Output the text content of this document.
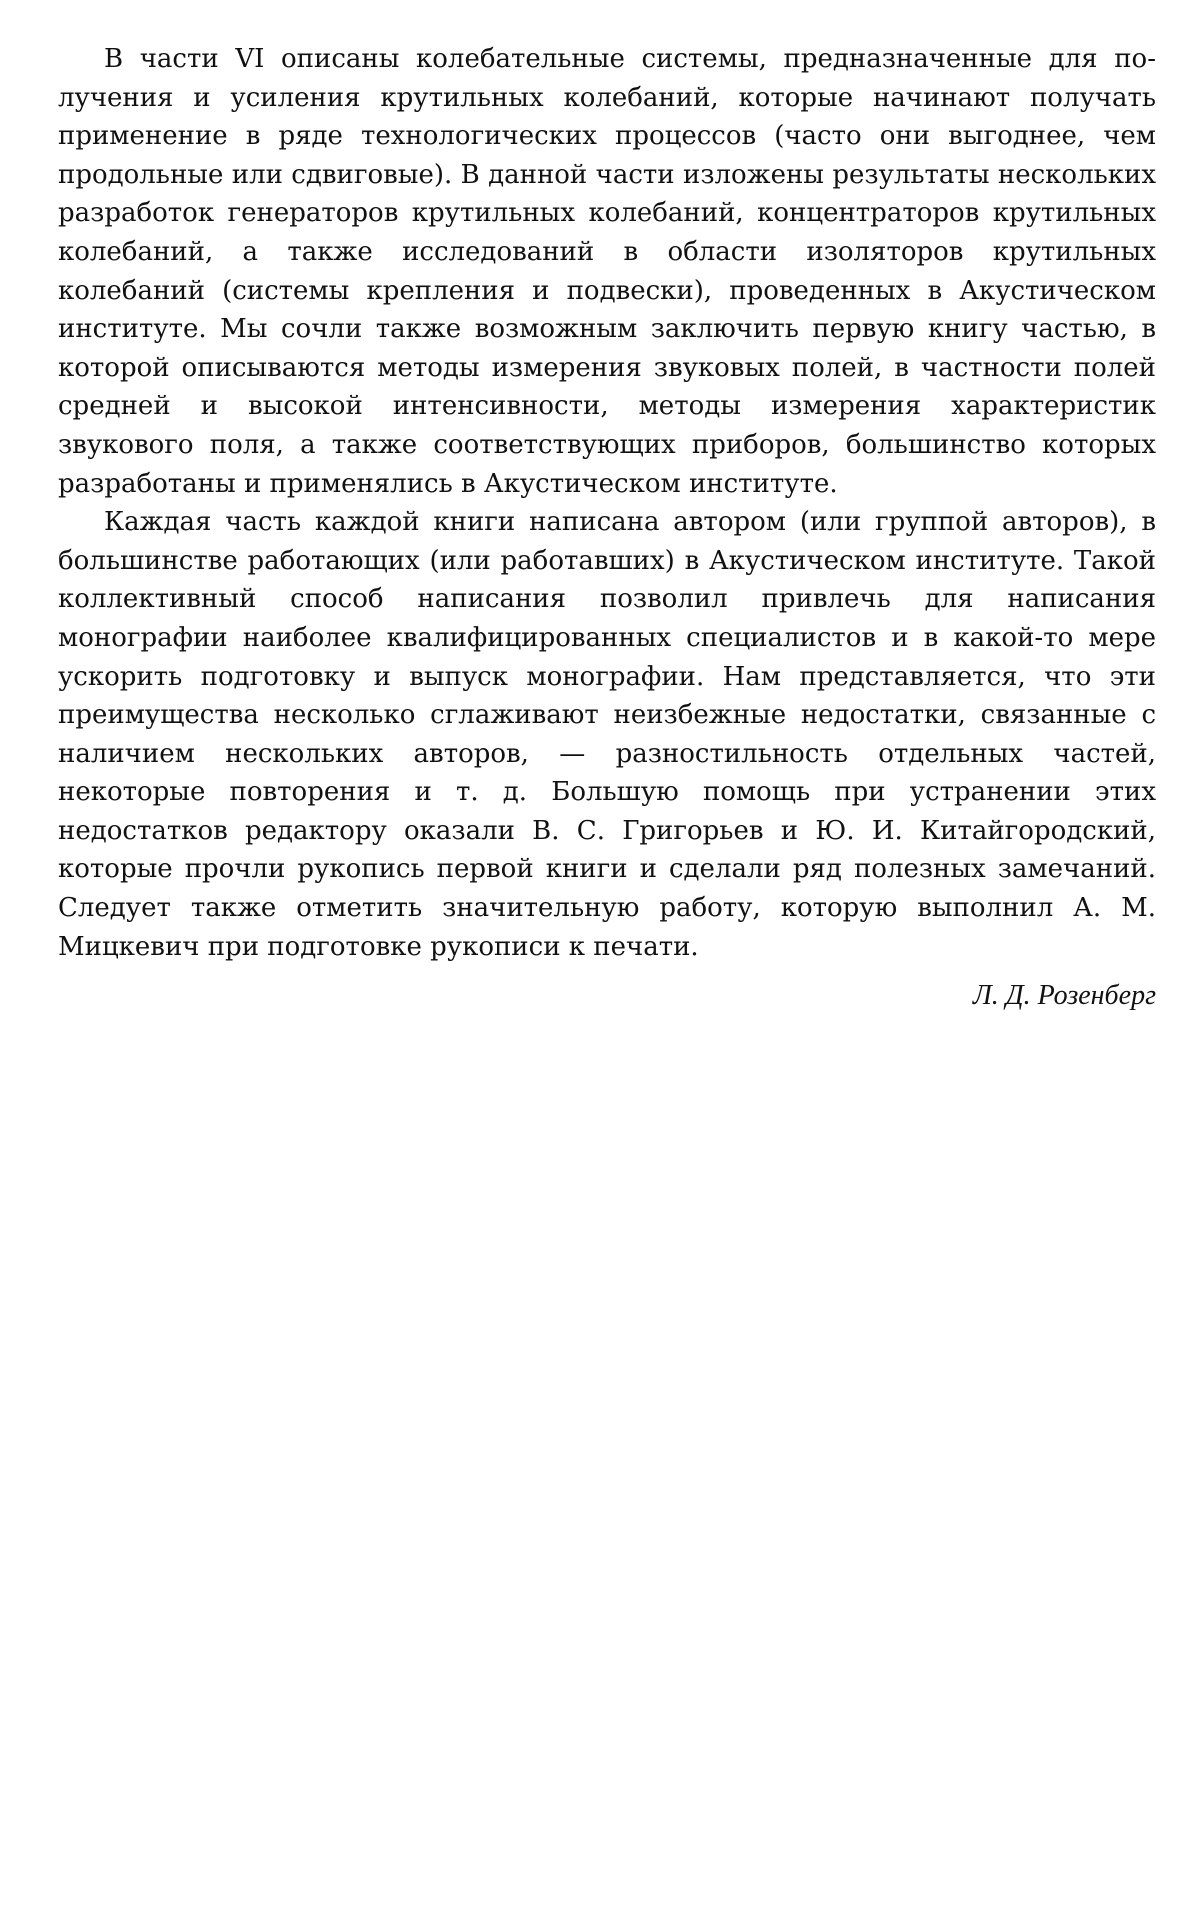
В части VI описаны колебательные системы, предназначенные для получения и усиления крутильных колебаний, которые начинают получать применение в ряде технологических процессов (часто они выгоднее, чем продольные или сдвиговые). В данной части изложены результаты нескольких разработок генераторов крутильных колебаний, концентраторов крутильных колебаний, а также исследований в области изоляторов крутильных колебаний (системы крепления и подвески), проведенных в Акустическом институте. Мы сочли также возможным заключить первую книгу частью, в которой описываются методы измерения звуковых полей, в частности полей средней и высокой интенсивности, методы измерения характеристик звукового поля, а также соответствующих приборов, большинство которых разработаны и применялись в Акустическом институте.

Каждая часть каждой книги написана автором (или группой авторов), в большинстве работающих (или работавших) в Акустическом институте. Такой коллективный способ написания позволил привлечь для написания монографии наиболее квалифицированных специалистов и в какой-то мере ускорить подготовку и выпуск монографии. Нам представляется, что эти преимущества несколько сглаживают неизбежные недостатки, связанные с наличием нескольких авторов, — разностильность отдельных частей, некоторые повторения и т. д. Большую помощь при устранении этих недостатков редактору оказали В. С. Григорьев и Ю. И. Китайгородский, которые прочли рукопись первой книги и сделали ряд полезных замечаний. Следует также отметить значительную работу, которую выполнил А. М. Мицкевич при подготовке рукописи к печати.

Л. Д. Розенберг
